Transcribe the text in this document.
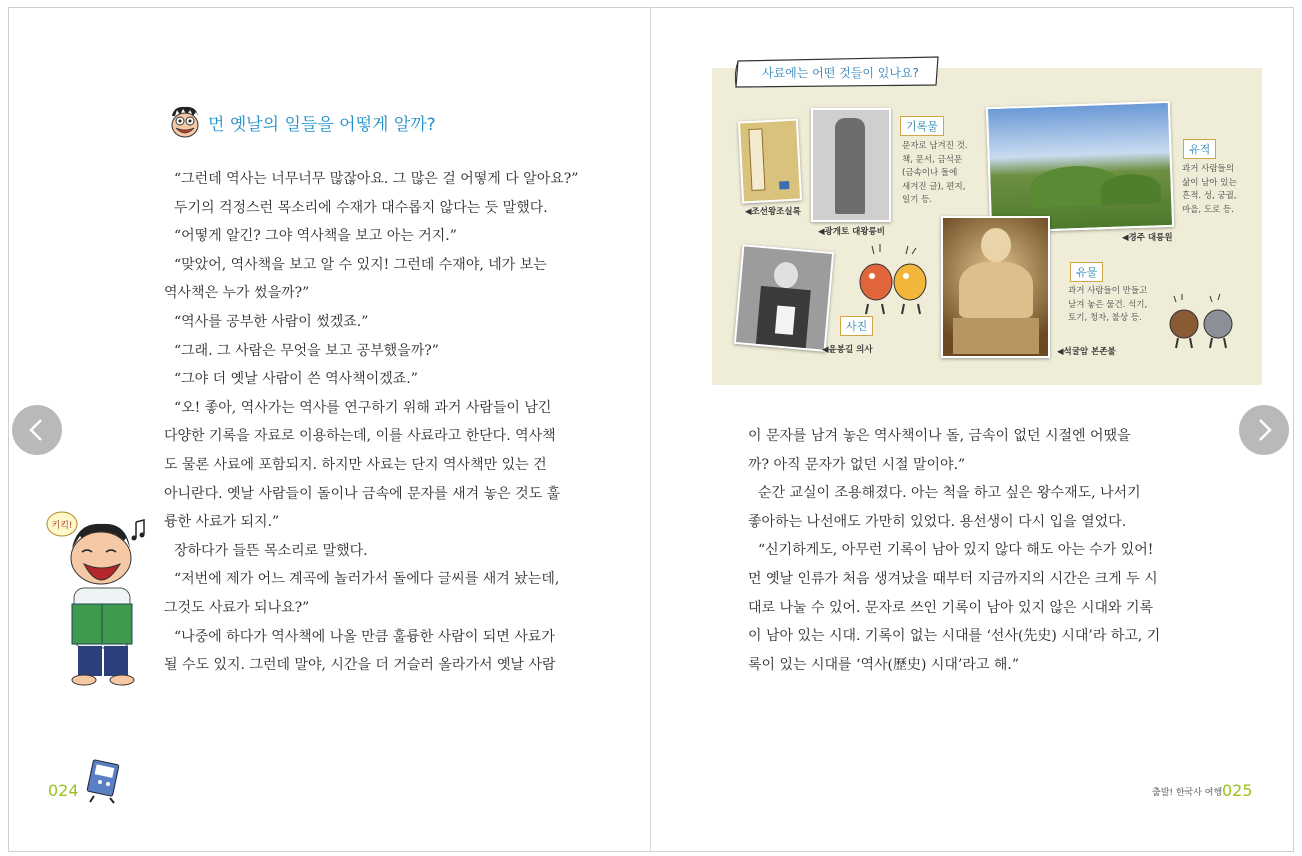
먼 옛날의 일들을 어떻게 알까?
“그런데 역사는 너무너무 많잖아요. 그 많은 걸 어떻게 다 알아요?”
두기의 걱정스런 목소리에 수재가 대수롭지 않다는 듯 말했다.
“어떻게 알긴? 그야 역사책을 보고 아는 거지.”
“맞았어, 역사책을 보고 알 수 있지! 그런데 수재야, 네가 보는
역사책은 누가 썼을까?”
“역사를 공부한 사람이 썼겠죠.”
“그래. 그 사람은 무엇을 보고 공부했을까?”
“그야 더 옛날 사람이 쓴 역사책이겠죠.”
“오! 좋아, 역사가는 역사를 연구하기 위해 과거 사람들이 남긴
다양한 기록을 자료로 이용하는데, 이를 사료라고 한단다. 역사책
도 물론 사료에 포함되지. 하지만 사료는 단지 역사책만 있는 건
아니란다. 옛날 사람들이 돌이나 금속에 문자를 새겨 놓은 것도 훌
륭한 사료가 되지.”
장하다가 들뜬 목소리로 말했다.
“저번에 제가 어느 계곡에 놀러가서 돌에다 글씨를 새겨 놨는데,
그것도 사료가 되나요?”
“나중에 하다가 역사책에 나올 만큼 훌륭한 사람이 되면 사료가
될 수도 있지. 그런데 말야, 시간을 더 거슬러 올라가서 옛날 사람
키킥!
024
사료에는 어떤 것들이 있나요?
◀조선왕조실록
◀광개토 대왕릉비
기록물
문자로 남겨진 것.
책, 문서, 금석문
(금속이나 돌에
새겨진 글), 편지,
일기 등.
◀경주 대릉원
유적
과거 사람들의
삶이 남아 있는
흔적. 성, 궁궐,
마을, 도로 등.
사진
◀윤봉길 의사	◀석굴암 본존불
유물
과거 사람들이 만들고
남겨 놓은 물건. 석기,
토기, 청자, 불상 등.
이 문자를 남겨 놓은 역사책이나 돌, 금속이 없던 시절엔 어땠을
까? 아직 문자가 없던 시절 말이야.”
순간 교실이 조용해졌다. 아는 척을 하고 싶은 왕수재도, 나서기
좋아하는 나선애도 가만히 있었다. 용선생이 다시 입을 열었다.
“신기하게도, 아무런 기록이 남아 있지 않다 해도 아는 수가 있어!
먼 옛날 인류가 처음 생겨났을 때부터 지금까지의 시간은 크게 두 시
대로 나눌 수 있어. 문자로 쓰인 기록이 남아 있지 않은 시대와 기록
이 남아 있는 시대. 기록이 없는 시대를 ‘선사(先史) 시대’라 하고, 기
록이 있는 시대를 ‘역사(歷史) 시대’라고 해.”
출발! 한국사 여행 025
